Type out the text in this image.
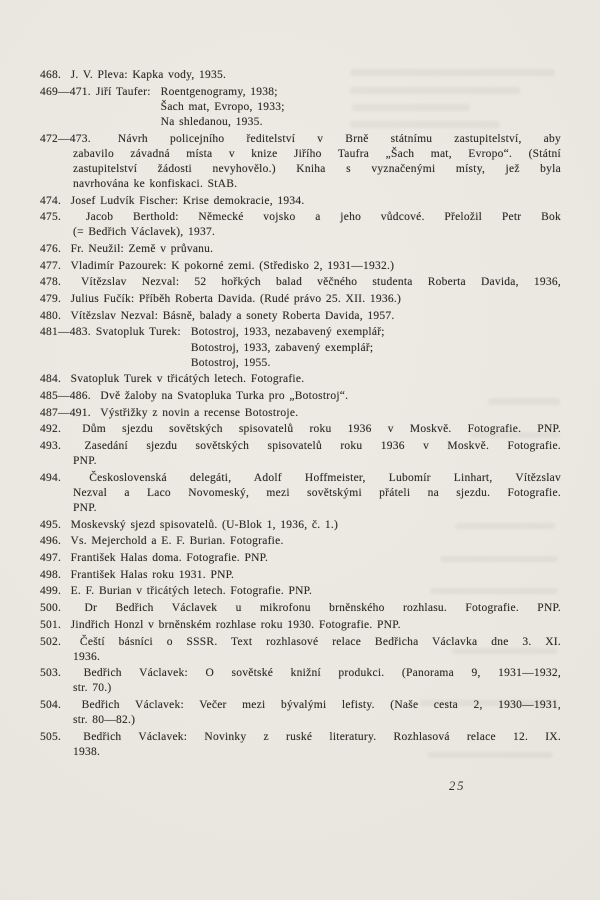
468. J. V. Pleva: Kapka vody, 1935.
469—471. Jiří Taufer: Roentgenogramy, 1938;
Šach mat, Evropo, 1933;
Na shledanou, 1935.
472—473. Návrh policejního ředitelství v Brně státnímu zastupitelství, aby
zabavilo závadná místa v knize Jiřího Taufra „Šach mat, Evropo“. (Státní
zastupitelství žádosti nevyhovělo.) Kniha s vyznačenými místy, jež byla
navrhována ke konfiskaci. StAB.
474. Josef Ludvík Fischer: Krise demokracie, 1934.
475. Jacob Berthold: Německé vojsko a jeho vůdcové. Přeložil Petr Bok
(= Bedřich Václavek), 1937.
476. Fr. Neužil: Země v průvanu.
477. Vladimír Pazourek: K pokorné zemi. (Středisko 2, 1931—1932.)
478. Vítězslav Nezval: 52 hořkých balad věčného studenta Roberta Davida, 1936,
479. Julius Fučík: Příběh Roberta Davida. (Rudé právo 25. XII. 1936.)
480. Vítězslav Nezval: Básně, balady a sonety Roberta Davida, 1957.
481—483. Svatopluk Turek: Botostroj, 1933, nezabavený exemplář;
Botostroj, 1933, zabavený exemplář;
Botostroj, 1955.
484. Svatopluk Turek v třicátých letech. Fotografie.
485—486. Dvě žaloby na Svatopluka Turka pro „Botostroj“.
487—491. Výstřižky z novin a recense Botostroje.
492. Dům sjezdu sovětských spisovatelů roku 1936 v Moskvě. Fotografie. PNP.
493. Zasedání sjezdu sovětských spisovatelů roku 1936 v Moskvě. Fotografie.
PNP.
494. Československá delegáti, Adolf Hoffmeister, Lubomír Linhart, Vítězslav
Nezval a Laco Novomeský, mezi sovětskými přáteli na sjezdu. Fotografie.
PNP.
495. Moskevský sjezd spisovatelů. (U-Blok 1, 1936, č. 1.)
496. Vs. Mejerchold a E. F. Burian. Fotografie.
497. František Halas doma. Fotografie. PNP.
498. František Halas roku 1931. PNP.
499. E. F. Burian v třicátých letech. Fotografie. PNP.
500. Dr Bedřich Václavek u mikrofonu brněnského rozhlasu. Fotografie. PNP.
501. Jindřich Honzl v brněnském rozhlase roku 1930. Fotografie. PNP.
502. Čeští básníci o SSSR. Text rozhlasové relace Bedřicha Václavka dne 3. XI.
1936.
503. Bedřich Václavek: O sovětské knižní produkci. (Panorama 9, 1931—1932,
str. 70.)
504. Bedřich Václavek: Večer mezi bývalými lefisty. (Naše cesta 2, 1930—1931,
str. 80—82.)
505. Bedřich Václavek: Novinky z ruské literatury. Rozhlasová relace 12. IX.
1938.
25
